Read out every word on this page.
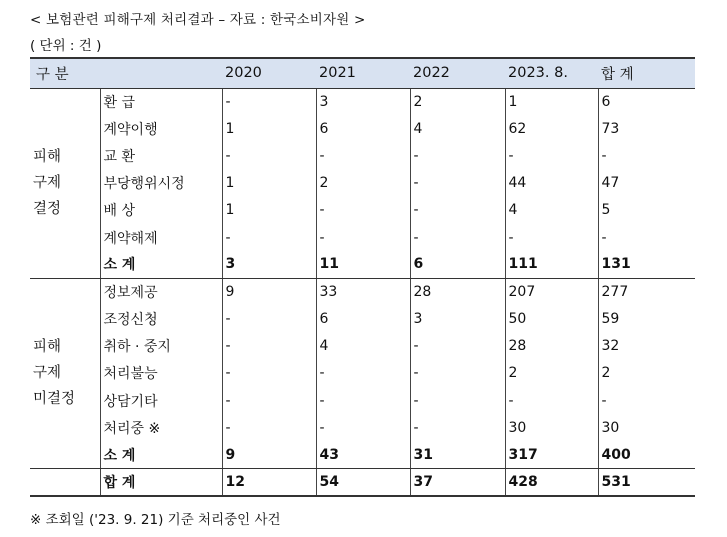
< 보험관련 피해구제 처리결과 – 자료 : 한국소비자원 >
( 단위 : 건 )
구 분		2020	2021	2022	2023. 8.	합 계
피해
구제
결정	환 급	-	3	2	1	6
	계약이행	1	6	4	62	73
	교 환	-	-	-	-	-
	부당행위시정	1	2	-	44	47
	배 상	1	-	-	4	5
	계약해제	-	-	-	-	-
	소 계	3	11	6	111	131
피해
구제
미결정	정보제공	9	33	28	207	277
	조정신청	-	6	3	50	59
	취하 · 중지	-	4	-	28	32
	처리불능	-	-	-	2	2
	상담기타	-	-	-	-	-
	처리중 ※	-	-	-	30	30
	소 계	9	43	31	317	400
	합 계	12	54	37	428	531
※ 조회일 ('23. 9. 21) 기준 처리중인 사건
